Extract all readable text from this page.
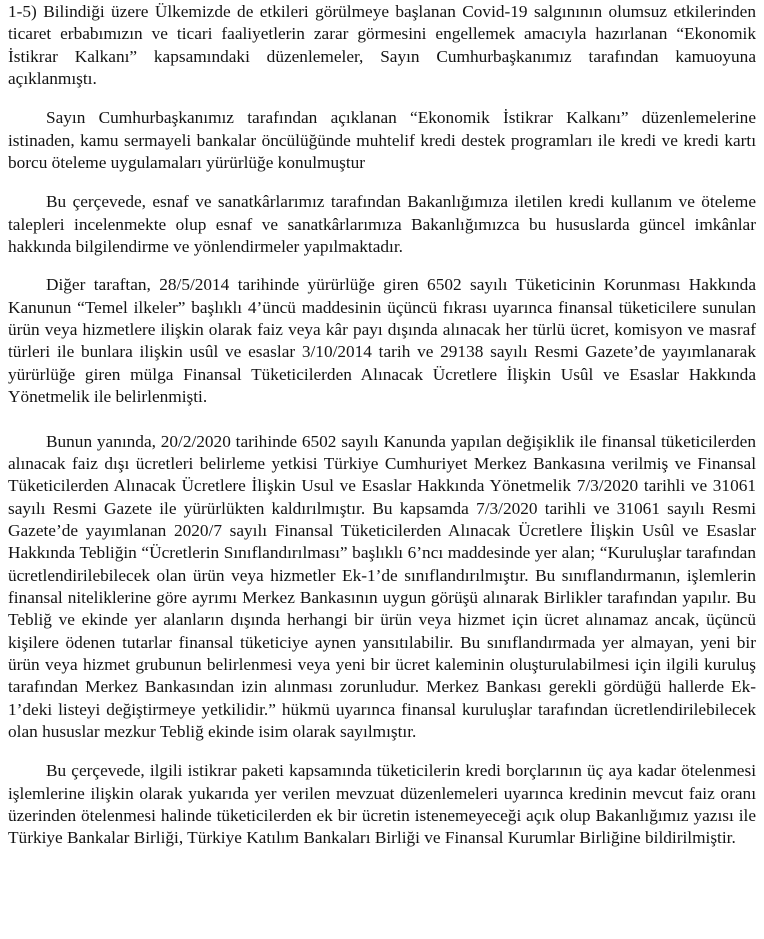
1-5) Bilindiği üzere Ülkemizde de etkileri görülmeye başlanan Covid-19 salgınının olumsuz etkilerinden ticaret erbabımızın ve ticari faaliyetlerin zarar görmesini engellemek amacıyla hazırlanan “Ekonomik İstikrar Kalkanı” kapsamındaki düzenlemeler, Sayın Cumhurbaşkanımız tarafından kamuoyuna açıklanmıştı.

Sayın Cumhurbaşkanımız tarafından açıklanan “Ekonomik İstikrar Kalkanı” düzenlemelerine istinaden, kamu sermayeli bankalar öncülüğünde muhtelif kredi destek programları ile kredi ve kredi kartı borcu öteleme uygulamaları yürürlüğe konulmuştur

Bu çerçevede, esnaf ve sanatkârlarımız tarafından Bakanlığımıza iletilen kredi kullanım ve öteleme talepleri incelenmekte olup esnaf ve sanatkârlarımıza Bakanlığımızca bu hususlarda güncel imkânlar hakkında bilgilendirme ve yönlendirmeler yapılmaktadır.

Diğer taraftan, 28/5/2014 tarihinde yürürlüğe giren 6502 sayılı Tüketicinin Korunması Hakkında Kanunun “Temel ilkeler” başlıklı 4’üncü maddesinin üçüncü fıkrası uyarınca finansal tüketicilere sunulan ürün veya hizmetlere ilişkin olarak faiz veya kâr payı dışında alınacak her türlü ücret, komisyon ve masraf türleri ile bunlara ilişkin usûl ve esaslar 3/10/2014 tarih ve 29138 sayılı Resmi Gazete’de yayımlanarak yürürlüğe giren mülga Finansal Tüketicilerden Alınacak Ücretlere İlişkin Usûl ve Esaslar Hakkında Yönetmelik ile belirlenmişti.

Bunun yanında, 20/2/2020 tarihinde 6502 sayılı Kanunda yapılan değişiklik ile finansal tüketicilerden alınacak faiz dışı ücretleri belirleme yetkisi Türkiye Cumhuriyet Merkez Bankasına verilmiş ve Finansal Tüketicilerden Alınacak Ücretlere İlişkin Usul ve Esaslar Hakkında Yönetmelik 7/3/2020 tarihli ve 31061 sayılı Resmi Gazete ile yürürlükten kaldırılmıştır. Bu kapsamda 7/3/2020 tarihli ve 31061 sayılı Resmi Gazete’de yayımlanan 2020/7 sayılı Finansal Tüketicilerden Alınacak Ücretlere İlişkin Usûl ve Esaslar Hakkında Tebliğin “Ücretlerin Sınıflandırılması” başlıklı 6’ncı maddesinde yer alan; “Kuruluşlar tarafından ücretlendirilebilecek olan ürün veya hizmetler Ek-1’de sınıflandırılmıştır. Bu sınıflandırmanın, işlemlerin finansal niteliklerine göre ayrımı Merkez Bankasının uygun görüşü alınarak Birlikler tarafından yapılır. Bu Tebliğ ve ekinde yer alanların dışında herhangi bir ürün veya hizmet için ücret alınamaz ancak, üçüncü kişilere ödenen tutarlar finansal tüketiciye aynen yansıtılabilir. Bu sınıflandırmada yer almayan, yeni bir ürün veya hizmet grubunun belirlenmesi veya yeni bir ücret kaleminin oluşturulabilmesi için ilgili kuruluş tarafından Merkez Bankasından izin alınması zorunludur. Merkez Bankası gerekli gördüğü hallerde Ek-1’deki listeyi değiştirmeye yetkilidir.” hükmü uyarınca finansal kuruluşlar tarafından ücretlendirilebilecek olan hususlar mezkur Tebliğ ekinde isim olarak sayılmıştır.

Bu çerçevede, ilgili istikrar paketi kapsamında tüketicilerin kredi borçlarının üç aya kadar ötelenmesi işlemlerine ilişkin olarak yukarıda yer verilen mevzuat düzenlemeleri uyarınca kredinin mevcut faiz oranı üzerinden ötelenmesi halinde tüketicilerden ek bir ücretin istenemeyeceği açık olup Bakanlığımız yazısı ile Türkiye Bankalar Birliği, Türkiye Katılım Bankaları Birliği ve Finansal Kurumlar Birliğine bildirilmiştir.
